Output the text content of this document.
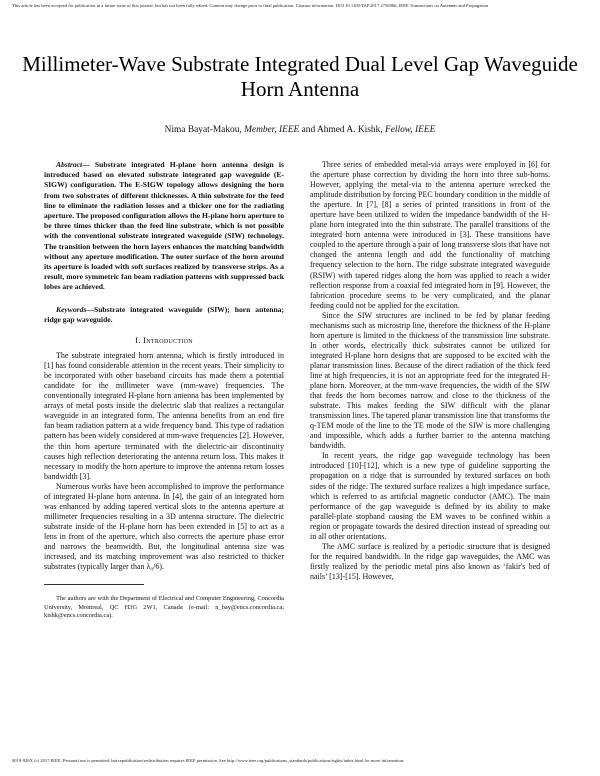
This article has been accepted for publication in a future issue of this journal, but has not been fully edited. Content may change prior to final publication. Citation information: DOI 10.1109/TAP.2017.2756966, IEEE Transactions on Antennas and Propagation
Millimeter-Wave Substrate Integrated Dual Level Gap Waveguide Horn Antenna
Nima Bayat-Makou, Member, IEEE and Ahmed A. Kishk, Fellow, IEEE
Abstract— Substrate integrated H-plane horn antenna design is introduced based on elevated substrate integrated gap waveguide (E-SIGW) configuration. The E-SIGW topology allows designing the horn from two substrates of different thicknesses. A thin substrate for the feed line to eliminate the radiation losses and a thicker one for the radiating aperture. The proposed configuration allows the H-plane horn aperture to be three times thicker than the feed line substrate, which is not possible with the conventional substrate integrated waveguide (SIW) technology. The transition between the horn layers enhances the matching bandwidth without any aperture modification. The outer surface of the horn around its aperture is loaded with soft surfaces realized by transverse strips. As a result, more symmetric fan beam radiation patterns with suppressed back lobes are achieved.
Keywords—Substrate integrated waveguide (SIW); horn antenna; ridge gap waveguide.
I. Introduction

The substrate integrated horn antenna, which is firstly introduced in [1] has found considerable attention in the recent years. Their simplicity to be incorporated with other baseband circuits has made them a potential candidate for the millimeter wave (mm-wave) frequencies. The conventionally integrated H-plane horn antenna has been implemented by arrays of metal posts inside the dielectric slab that realizes a rectangular waveguide in an integrated form. The antenna benefits from an end fire fan beam radiation pattern at a wide frequency band. This type of radiation pattern has been widely considered at mm-wave frequencies [2]. However, the thin horn aperture terminated with the dielectric-air discontinuity causes high reflection deteriorating the antenna return loss. This makes it necessary to modify the horn aperture to improve the antenna return losses bandwidth [3].

Numerous works have been accomplished to improve the performance of integrated H-plane horn antenna. In [4], the gain of an integrated horn was enhanced by adding tapered vertical slots to the antenna aperture at millimeter frequencies resulting in a 3D antenna structure. The dielectric substrate inside of the H-plane horn has been extended in [5] to act as a lens in front of the aperture, which also corrects the aperture phase error and narrows the beamwidth. But, the longitudinal antenna size was increased, and its matching improvement was also restricted to thicker substrates (typically larger than λ₀/6).

The authors are with the Department of Electrical and Computer Engineering, Concordia University, Montreal, QC H3G 2W1, Canada (e-mail: n_bay@encs.concordia.ca; kishk@encs.concordia.ca).

Three series of embedded metal-via arrays were employed in [6] for the aperture phase correction by dividing the horn into three sub-horns. However, applying the metal-via to the antenna aperture wrecked the amplitude distribution by forcing PEC boundary condition in the middle of the aperture. In [7], [8] a series of printed transitions in front of the aperture have been utilized to widen the impedance bandwidth of the H-plane horn integrated into the thin substrate. The parallel transitions of the integrated horn antenna were introduced in [3]. These transitions have coupled to the aperture through a pair of long transverse slots that have not changed the antenna length and add the functionality of matching frequency selection to the horn. The ridge substrate integrated waveguide (RSIW) with tapered ridges along the horn was applied to reach a wider reflection response from a coaxial fed integrated horn in [9]. However, the fabrication procedure seems to be very complicated, and the planar feeding could not be applied for the excitation.

Since the SIW structures are inclined to be fed by planar feeding mechanisms such as microstrip line, therefore the thickness of the H-plane horn aperture is limited to the thickness of the transmission line substrate. In other words, electrically thick substrates cannot be utilized for integrated H-plane horn designs that are supposed to be excited with the planar transmission lines. Because of the direct radiation of the thick feed line at high frequencies, it is not an appropriate feed for the integrated H-plane horn. Moreover, at the mm-wave frequencies, the width of the SIW that feeds the horn becomes narrow and close to the thickness of the substrate. This makes feeding the SIW difficult with the planar transmission lines. The tapered planar transmission line that transforms the q-TEM mode of the line to the TE mode of the SIW is more challenging and impossible, which adds a further barrier to the antenna matching bandwidth.

In recent years, the ridge gap waveguide technology has been introduced [10]-[12], which is a new type of guideline supporting the propagation on a ridge that is surrounded by textured surfaces on both sides of the ridge. The textured surface realizes a high impedance surface, which is referred to as artificial magnetic conductor (AMC). The main performance of the gap waveguide is defined by its ability to make parallel-plate stopband causing the EM waves to be confined within a region or propagate towards the desired direction instead of spreading out in all other orientations.

The AMC surface is realized by a periodic structure that is designed for the required bandwidth. In the ridge gap waveguides, the AMC was firstly realized by the periodic metal pins also known as ‘fakir's bed of nails’ [13]-[15]. However,

0018-926X (c) 2017 IEEE. Personal use is permitted, but republication/redistribution requires IEEE permission. See http://www.ieee.org/publications_standards/publications/rights/index.html for more information.
